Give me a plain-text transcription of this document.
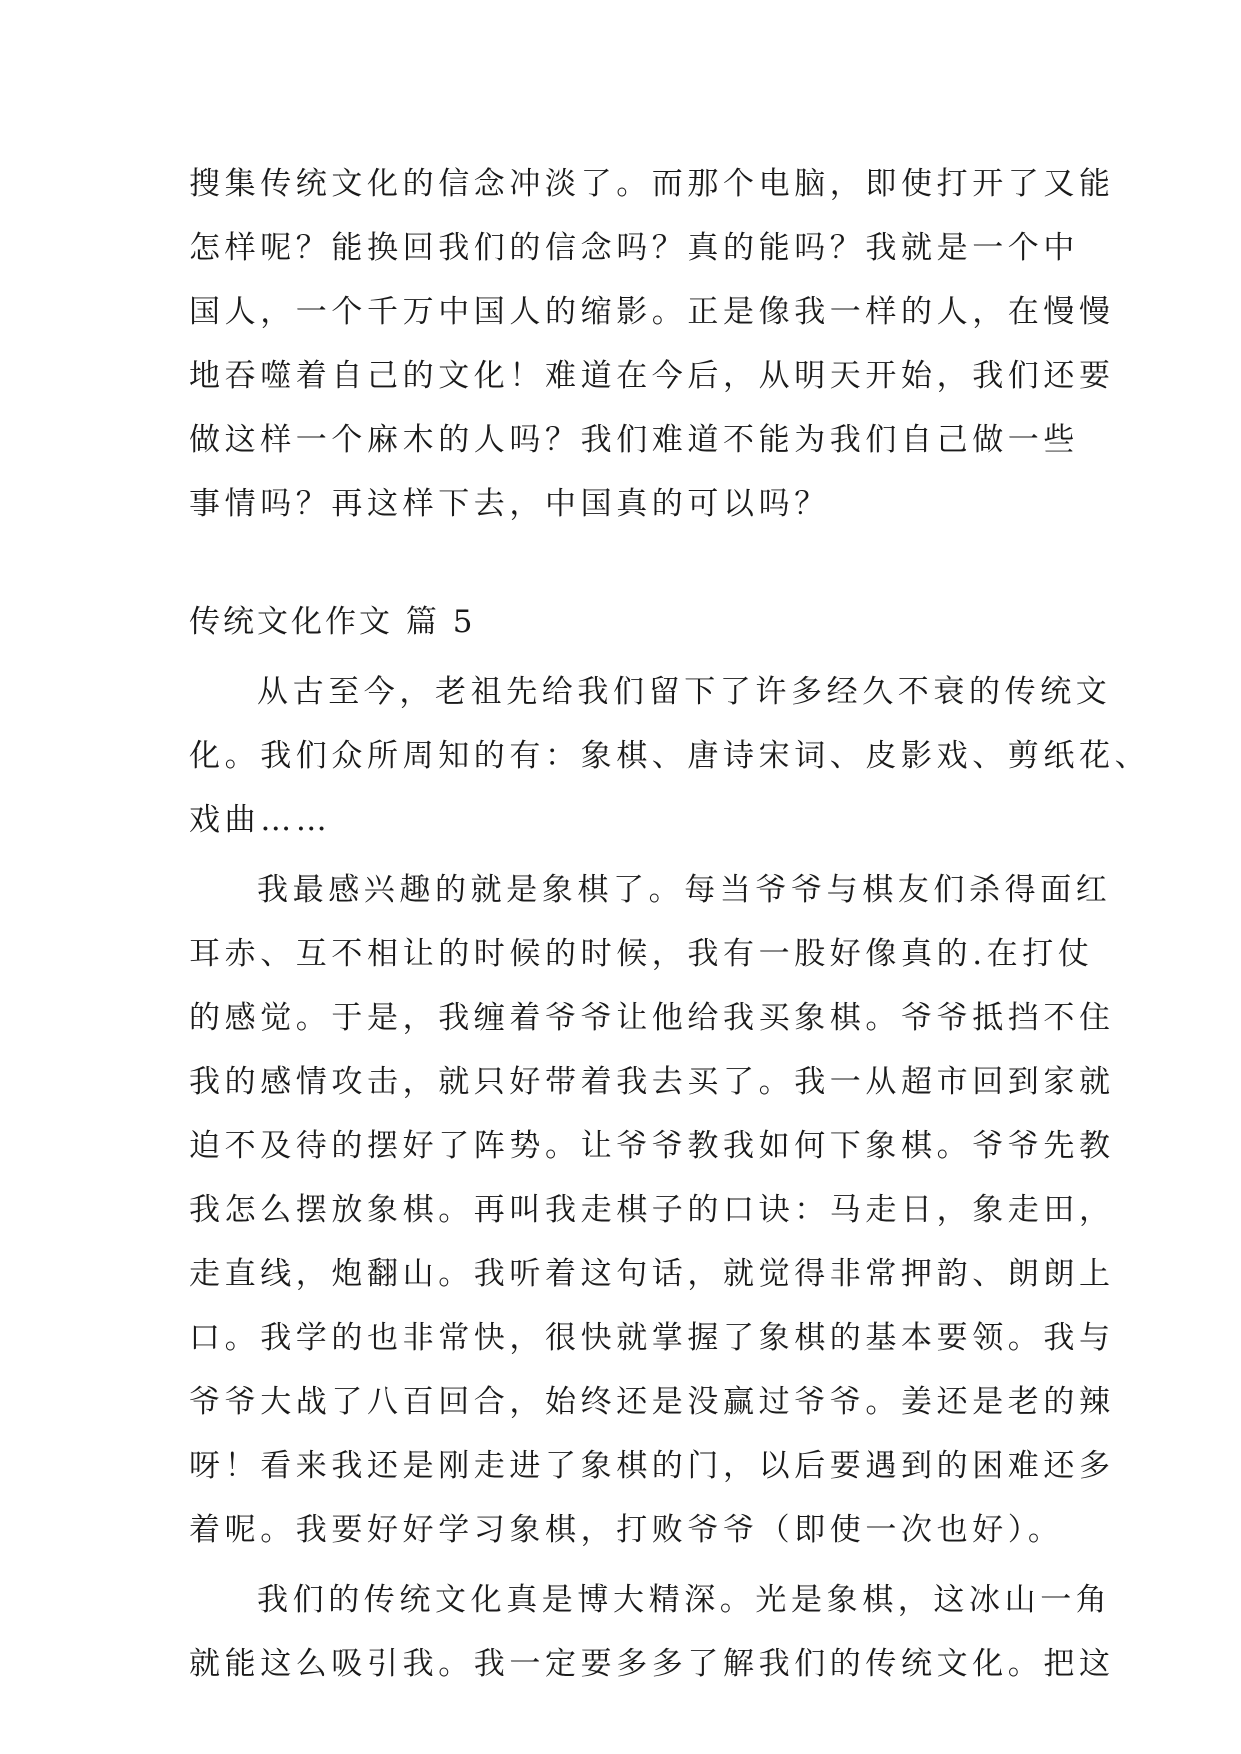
搜集传统文化的信念冲淡了。而那个电脑，即使打开了又能
怎样呢？能换回我们的信念吗？真的能吗？我就是一个中
国人，一个千万中国人的缩影。正是像我一样的人，在慢慢
地吞噬着自己的文化！难道在今后，从明天开始，我们还要
做这样一个麻木的人吗？我们难道不能为我们自己做一些
事情吗？再这样下去，中国真的可以吗？
传统文化作文 篇 5
从古至今，老祖先给我们留下了许多经久不衰的传统文
化。我们众所周知的有：象棋、唐诗宋词、皮影戏、剪纸花、
戏曲……
我最感兴趣的就是象棋了。每当爷爷与棋友们杀得面红
耳赤、互不相让的时候的时候，我有一股好像真的.在打仗
的感觉。于是，我缠着爷爷让他给我买象棋。爷爷抵挡不住
我的感情攻击，就只好带着我去买了。我一从超市回到家就
迫不及待的摆好了阵势。让爷爷教我如何下象棋。爷爷先教
我怎么摆放象棋。再叫我走棋子的口诀：马走日，象走田，
走直线，炮翻山。我听着这句话，就觉得非常押韵、朗朗上
口。我学的也非常快，很快就掌握了象棋的基本要领。我与
爷爷大战了八百回合，始终还是没赢过爷爷。姜还是老的辣
呀！看来我还是刚走进了象棋的门，以后要遇到的困难还多
着呢。我要好好学习象棋，打败爷爷（即使一次也好）。
我们的传统文化真是博大精深。光是象棋，这冰山一角
就能这么吸引我。我一定要多多了解我们的传统文化。把这
